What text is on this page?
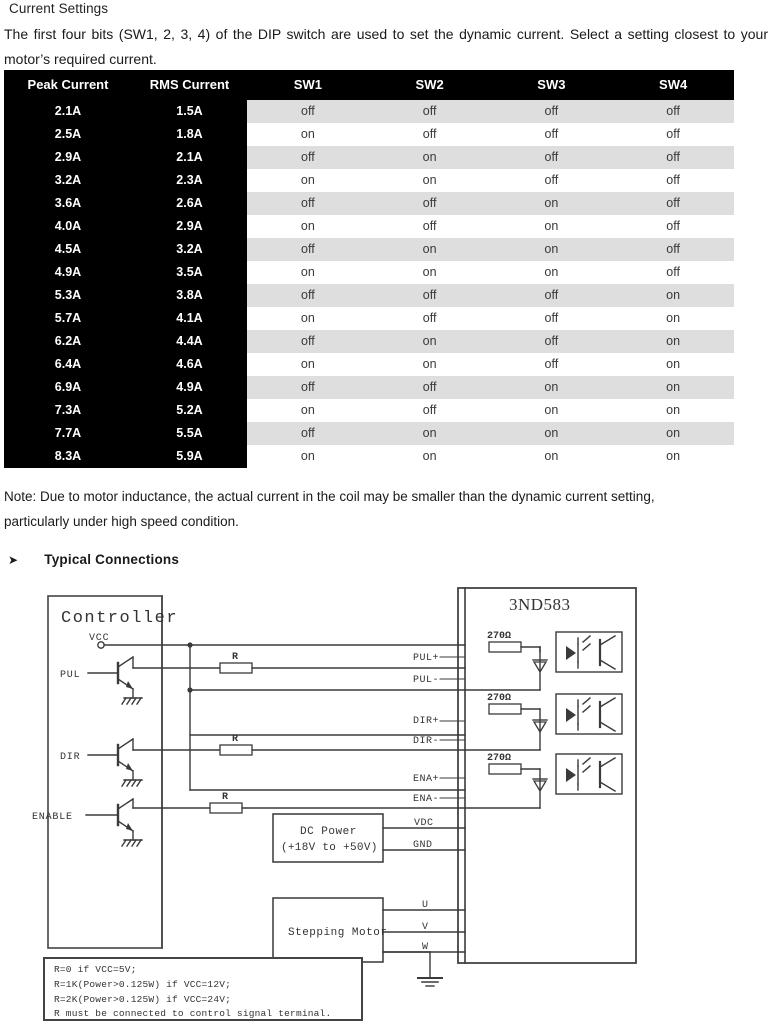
Current Settings
The first four bits (SW1, 2, 3, 4) of the DIP switch are used to set the dynamic current. Select a setting closest to your motor’s required current.
Peak Current	RMS Current	SW1	SW2	SW3	SW4
2.1A	1.5A	off	off	off	off
2.5A	1.8A	on	off	off	off
2.9A	2.1A	off	on	off	off
3.2A	2.3A	on	on	off	off
3.6A	2.6A	off	off	on	off
4.0A	2.9A	on	off	on	off
4.5A	3.2A	off	on	on	off
4.9A	3.5A	on	on	on	off
5.3A	3.8A	off	off	off	on
5.7A	4.1A	on	off	off	on
6.2A	4.4A	off	on	off	on
6.4A	4.6A	on	on	off	on
6.9A	4.9A	off	off	on	on
7.3A	5.2A	on	off	on	on
7.7A	5.5A	off	on	on	on
8.3A	5.9A	on	on	on	on
Note: Due to motor inductance, the actual current in the coil may be smaller than the dynamic current setting,
particularly under high speed condition.
➤ Typical Connections
Controller
VCC
PUL
DIR
ENABLE
R
R
R
3ND583
PUL+
PUL-
DIR+
DIR-
ENA+
ENA-
VDC
GND
U
V
W
270Ω
270Ω
270Ω
DC Power
(+18V to +50V)
Stepping Motor
R=0 if VCC=5V;
R=1K(Power>0.125W) if VCC=12V;
R=2K(Power>0.125W) if VCC=24V;
R must be connected to control signal terminal.
